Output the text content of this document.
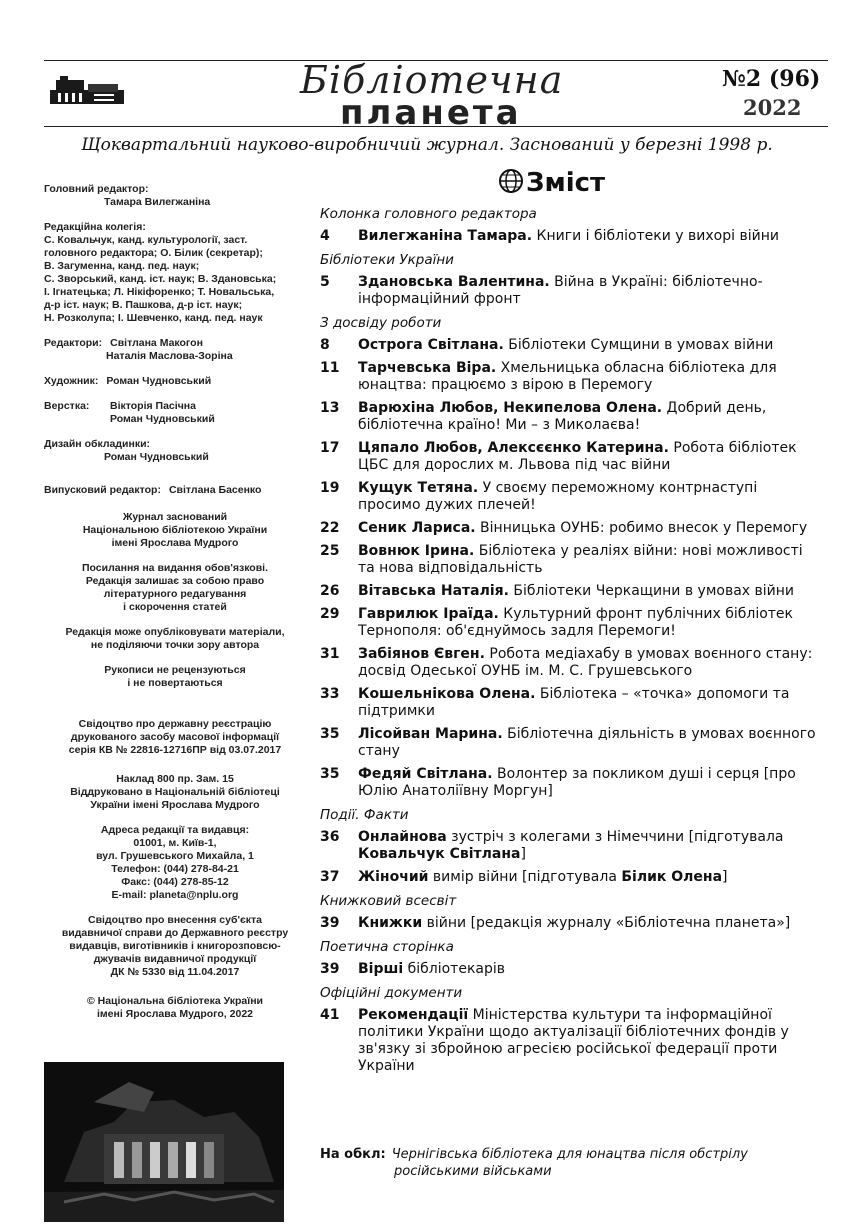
Бібліотечна
планета
№2 (96)
2022
Щоквартальний науково-виробничий журнал. Заснований у березні 1998 р.
Головний редактор:
Тамара Вилегжаніна
Редакційна колегія:
С. Ковальчук, канд. культурології, заст.
головного редактора; О. Білик (секретар);
В. Загуменна, канд. пед. наук;
С. Зворський, канд. іст. наук; В. Здановська;
І. Ігнатецька; Л. Нікіфоренко; Т. Новальська,
д-р іст. наук; В. Пашкова, д-р іст. наук;
Н. Розколупа; І. Шевченко, канд. пед. наук
Редактори: Світлана Макогон
Наталія Маслова-Зоріна
Художник: Роман Чудновський
Верстка:	Вікторія Пасічна
Роман Чудновський
Дизайн обкладинки:
Роман Чудновський
Випусковий редактор: Світлана Басенко
Журнал заснований
Національною бібліотекою України
імені Ярослава Мудрого
Посилання на видання обов'язкові.
Редакція залишає за собою право
літературного редагування
і скорочення статей
Редакція може опубліковувати матеріали,
не поділяючи точки зору автора
Рукописи не рецензуються
і не повертаються
Свідоцтво про державну реєстрацію
друкованого засобу масової інформації
серія КВ № 22816-12716ПР від 03.07.2017
Наклад 800 пр. Зам. 15
Віддруковано в Національній бібліотеці
України імені Ярослава Мудрого
Адреса редакції та видавця:
01001, м. Київ-1,
вул. Грушевського Михайла, 1
Телефон: (044) 278-84-21
Факс: (044) 278-85-12
E-mail: planeta@nplu.org
Свідоцтво про внесення суб'єкта
видавничої справи до Державного реєстру
видавців, виготівників і книгорозповсю-
джувачів видавничої продукції
ДК № 5330 від 11.04.2017
© Національна бібліотека України
імені Ярослава Мудрого, 2022
Зміст
Колонка головного редактора
4	Вилегжаніна Тамара. Книги і бібліотеки у вихорі війни
Бібліотеки України
5	Здановська Валентина. Війна в Україні: бібліотечно-інформаційний фронт
З досвіду роботи
8	Острога Світлана. Бібліотеки Сумщини в умовах війни
11	Тарчевська Віра. Хмельницька обласна бібліотека для юнацтва: працюємо з вірою в Перемогу
13	Варюхіна Любов, Некипелова Олена. Добрий день, бібліотечна країно! Ми – з Миколаєва!
17	Цяпало Любов, Алексєєнко Катерина. Робота бібліотек ЦБС для дорослих м. Львова під час війни
19	Кущук Тетяна. У своєму переможному контрнаступі просимо дужих плечей!
22	Сеник Лариса. Вінницька ОУНБ: робимо внесок у Перемогу
25	Вовнюк Ірина. Бібліотека у реаліях війни: нові можливості та нова відповідальність
26	Вітавська Наталія. Бібліотеки Черкащини в умовах війни
29	Гаврилюк Іраїда. Культурний фронт публічних бібліотек Тернополя: об'єднуймось задля Перемоги!
31	Забіянов Євген. Робота медіахабу в умовах воєнного стану: досвід Одеської ОУНБ ім. М. С. Грушевського
33	Кошельнікова Олена. Бібліотека – «точка» допомоги та підтримки
35	Лісойван Марина. Бібліотечна діяльність в умовах воєнного стану
35	Федяй Світлана. Волонтер за покликом душі і серця [про Юлію Анатоліївну Моргун]
Події. Факти
36	Онлайнова зустріч з колегами з Німеччини [підготувала Ковальчук Світлана]
37	Жіночий вимір війни [підготувала Білик Олена]
Книжковий всесвіт
39	Книжки війни [редакція журналу «Бібліотечна планета»]
Поетична сторінка
39	Вірші бібліотекарів
Офіційні документи
41	Рекомендації Міністерства культури та інформаційної політики України щодо актуалізації бібліотечних фондів у зв'язку зі збройною агресією російської федерації проти України
На обкл: Чернігівська бібліотека для юнацтва після обстрілу
російськими військами
